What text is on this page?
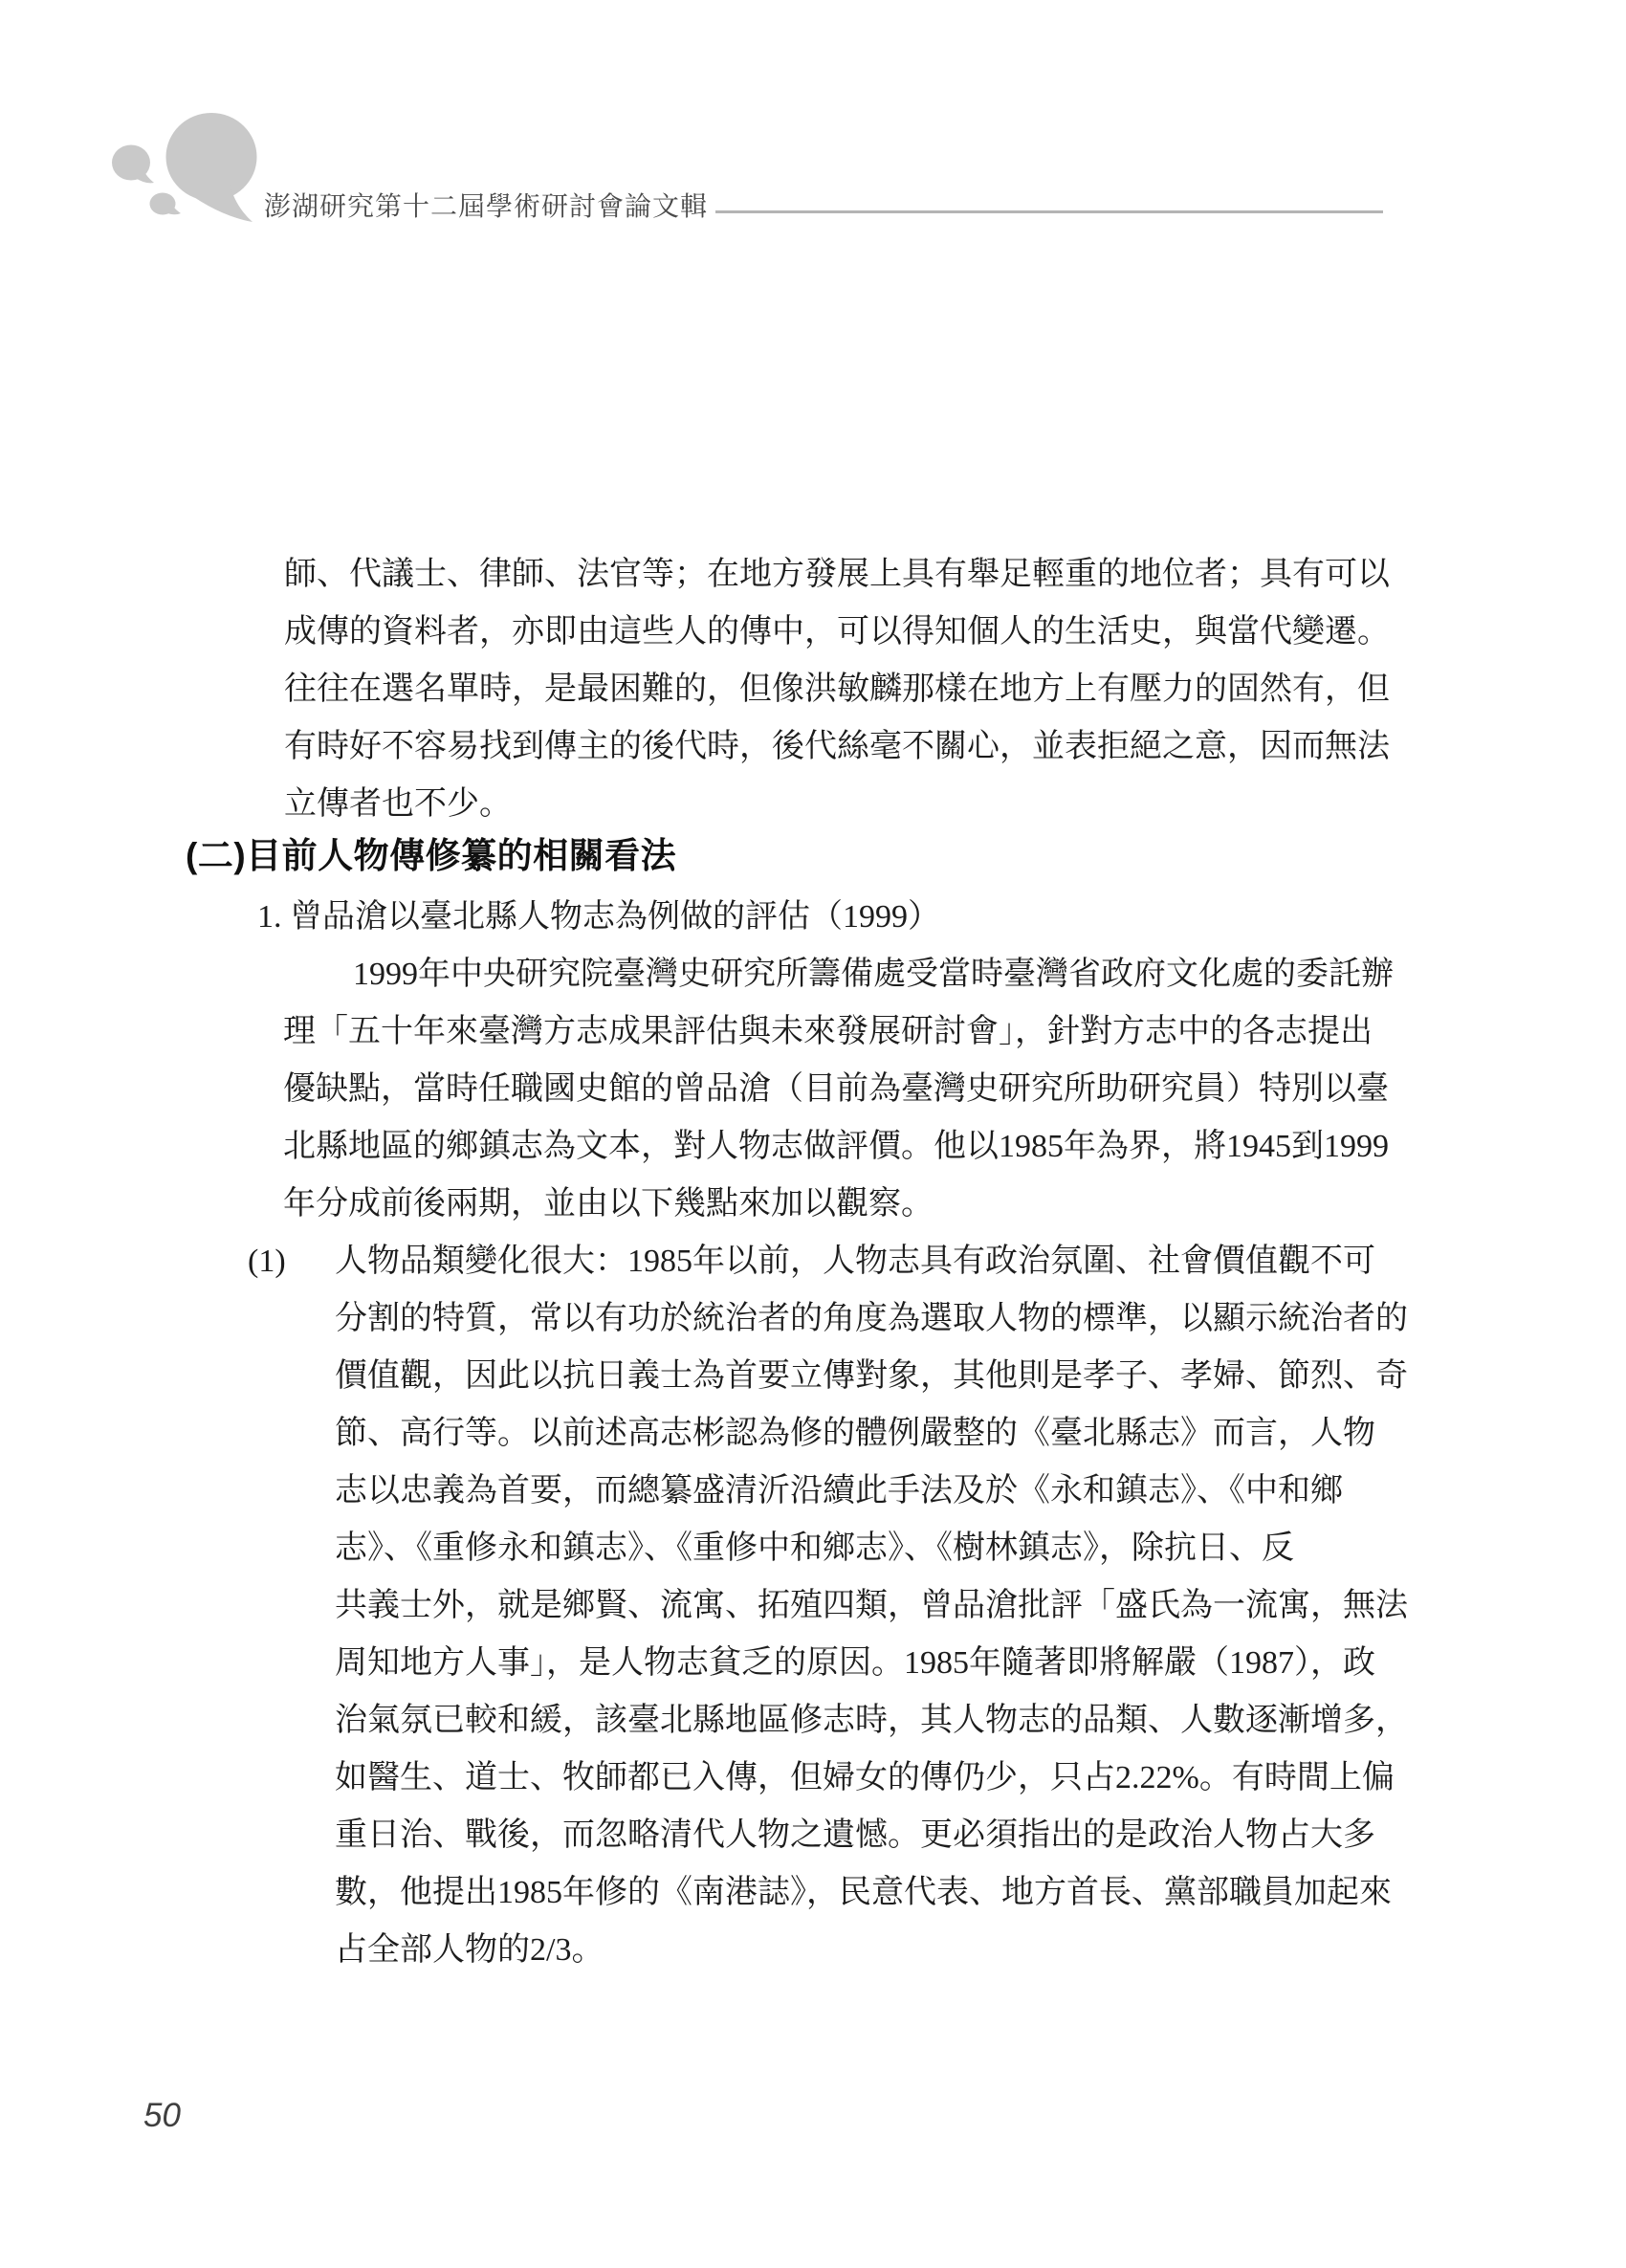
澎湖研究第十二屆學術研討會論文輯
師、代議士、律師、法官等；在地方發展上具有舉足輕重的地位者；具有可以
成傳的資料者，亦即由這些人的傳中，可以得知個人的生活史，與當代變遷。
往往在選名單時，是最困難的，但像洪敏麟那樣在地方上有壓力的固然有，但
有時好不容易找到傳主的後代時，後代絲毫不關心，並表拒絕之意，因而無法
立傳者也不少。
(二)目前人物傳修纂的相關看法
1. 曾品滄以臺北縣人物志為例做的評估（1999）
1999年中央研究院臺灣史研究所籌備處受當時臺灣省政府文化處的委託辦
理「五十年來臺灣方志成果評估與未來發展研討會」，針對方志中的各志提出
優缺點，當時任職國史館的曾品滄（目前為臺灣史研究所助研究員）特別以臺
北縣地區的鄉鎮志為文本，對人物志做評價。他以1985年為界，將1945到1999
年分成前後兩期，並由以下幾點來加以觀察。
(1) 人物品類變化很大：1985年以前，人物志具有政治氛圍、社會價值觀不可
分割的特質，常以有功於統治者的角度為選取人物的標準，以顯示統治者的
價值觀，因此以抗日義士為首要立傳對象，其他則是孝子、孝婦、節烈、奇
節、高行等。以前述高志彬認為修的體例嚴整的《臺北縣志》而言，人物
志以忠義為首要，而總纂盛清沂沿續此手法及於《永和鎮志》、《中和鄉
志》、《重修永和鎮志》、《重修中和鄉志》、《樹林鎮志》，除抗日、反
共義士外，就是鄉賢、流寓、拓殖四類，曾品滄批評「盛氏為一流寓，無法
周知地方人事」，是人物志貧乏的原因。1985年隨著即將解嚴（1987），政
治氣氛已較和緩，該臺北縣地區修志時，其人物志的品類、人數逐漸增多，
如醫生、道士、牧師都已入傳，但婦女的傳仍少，只占2.22%。有時間上偏
重日治、戰後，而忽略清代人物之遺憾。更必須指出的是政治人物占大多
數，他提出1985年修的《南港誌》，民意代表、地方首長、黨部職員加起來
占全部人物的2/3。
50
